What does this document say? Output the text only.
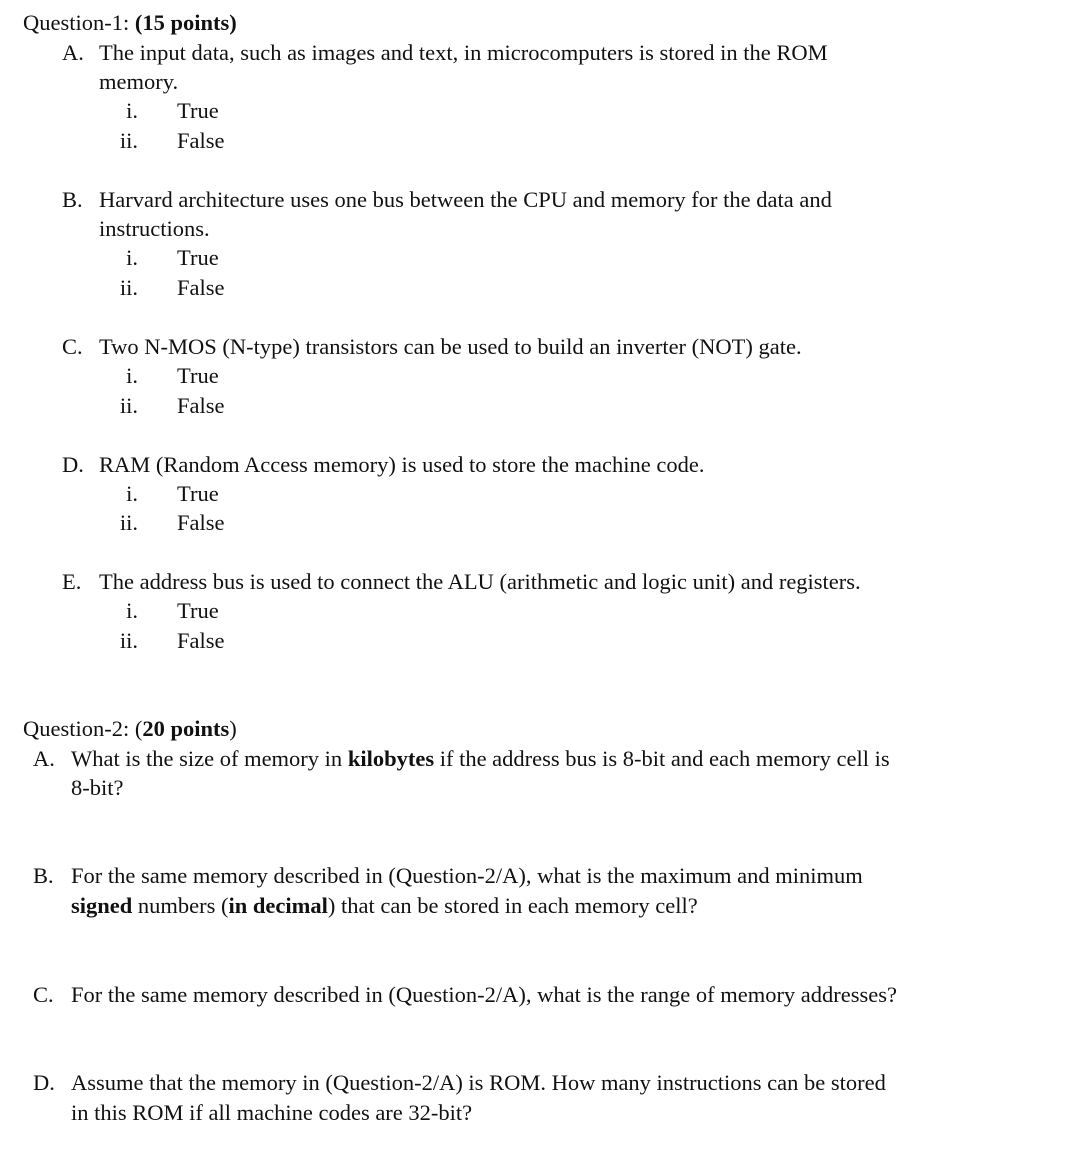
Question-1: (15 points)
A. The input data, such as images and text, in microcomputers is stored in the ROM
memory.
i. True
ii. False
B. Harvard architecture uses one bus between the CPU and memory for the data and
instructions.
i. True
ii. False
C. Two N-MOS (N-type) transistors can be used to build an inverter (NOT) gate.
i. True
ii. False
D. RAM (Random Access memory) is used to store the machine code.
i. True
ii. False
E. The address bus is used to connect the ALU (arithmetic and logic unit) and registers.
i. True
ii. False
Question-2: (20 points)
A. What is the size of memory in kilobytes if the address bus is 8-bit and each memory cell is
8-bit?
B. For the same memory described in (Question-2/A), what is the maximum and minimum
signed numbers (in decimal) that can be stored in each memory cell?
C. For the same memory described in (Question-2/A), what is the range of memory addresses?
D. Assume that the memory in (Question-2/A) is ROM. How many instructions can be stored
in this ROM if all machine codes are 32-bit?
